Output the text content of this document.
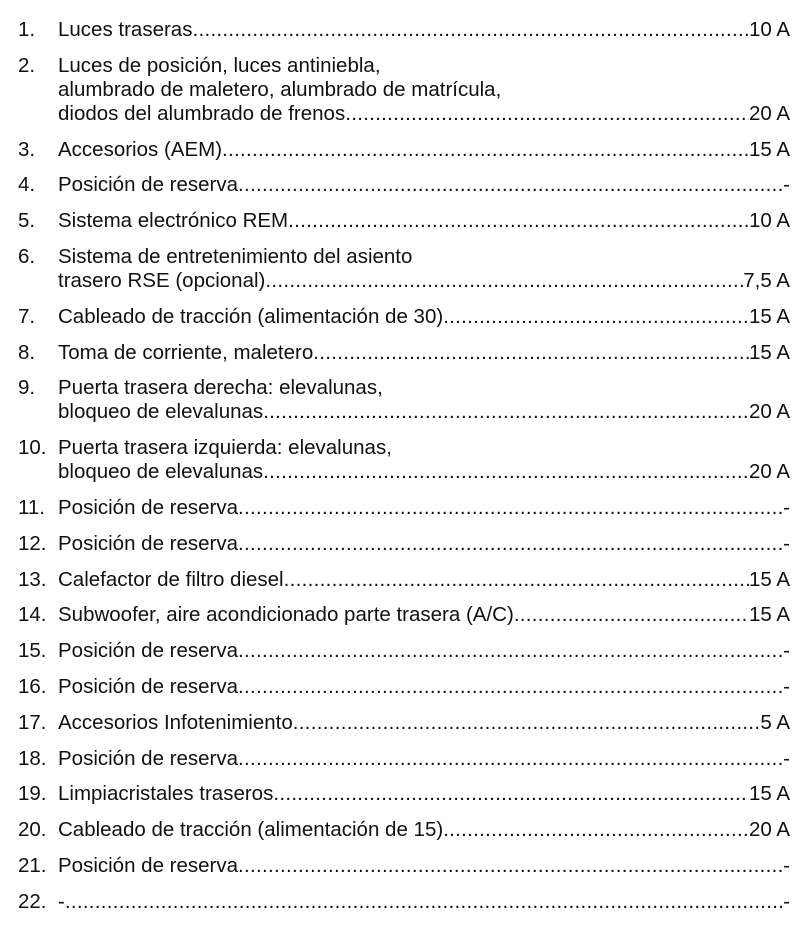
1.	Luces traseras .....	10 A
2.	Luces de posición, luces antiniebla,
alumbrado de maletero, alumbrado de matrícula,
diodos del alumbrado de frenos .....	20 A
3.	Accesorios (AEM) .....	15 A
4.	Posición de reserva .....	-
5.	Sistema electrónico REM .....	10 A
6.	Sistema de entretenimiento del asiento
trasero RSE (opcional) .....	7,5 A
7.	Cableado de tracción (alimentación de 30) .....	15 A
8.	Toma de corriente, maletero .....	15 A
9.	Puerta trasera derecha: elevalunas,
bloqueo de elevalunas .....	20 A
10. Puerta trasera izquierda: elevalunas,
bloqueo de elevalunas .....	20 A
11. Posición de reserva .....	-
12. Posición de reserva .....	-
13. Calefactor de filtro diesel .....	15 A
14. Subwoofer, aire acondicionado parte trasera (A/C) .....	15 A
15. Posición de reserva .....	-
16. Posición de reserva .....	-
17. Accesorios Infotenimiento .....	5 A
18. Posición de reserva .....	-
19. Limpiacristales traseros .....	15 A
20. Cableado de tracción (alimentación de 15) .....	20 A
21. Posición de reserva .....	-
22. - .....	-
